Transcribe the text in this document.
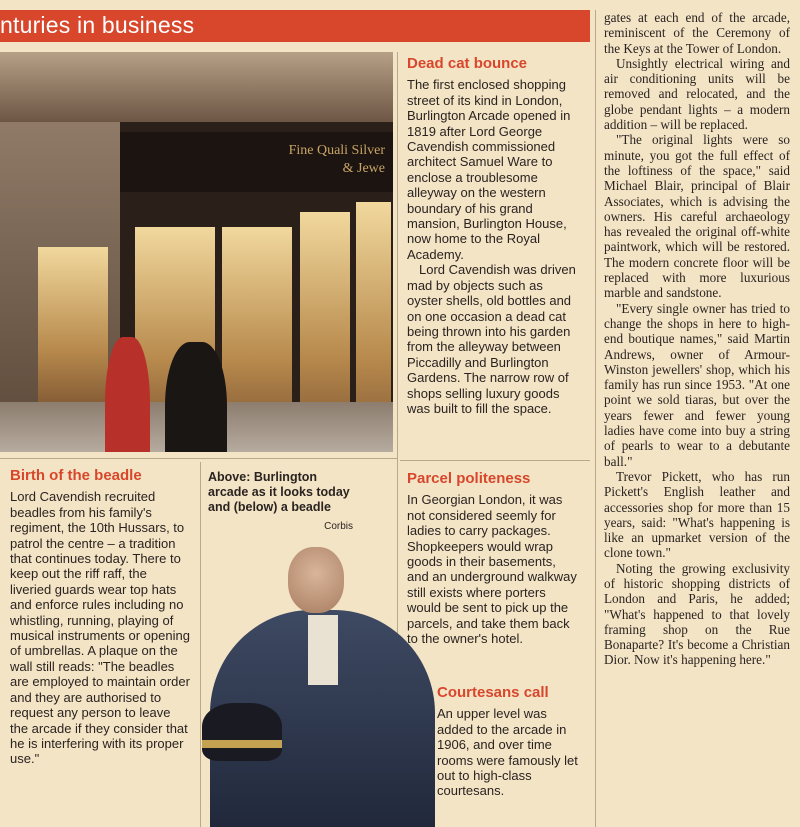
nturies in business
Fine Quali Silver & Jewe

Birth of the beadle

Lord Cavendish recruited beadles from his family's regiment, the 10th Hussars, to patrol the centre – a tradition that continues today. There to keep out the riff raff, the liveried guards wear top hats and enforce rules including no whistling, running, playing of musical instruments or opening of umbrellas. A plaque on the wall still reads: "The beadles are employed to maintain order and they are authorised to request any person to leave the arcade if they consider that he is interfering with its proper use."

Above: Burlington arcade as it looks today and (below) a beadle
Corbis

Dead cat bounce

The first enclosed shopping street of its kind in London, Burlington Arcade opened in 1819 after Lord George Cavendish commissioned architect Samuel Ware to enclose a troublesome alleyway on the western boundary of his grand mansion, Burlington House, now home to the Royal Academy.

Lord Cavendish was driven mad by objects such as oyster shells, old bottles and on one occasion a dead cat being thrown into his garden from the alleyway between Piccadilly and Burlington Gardens. The narrow row of shops selling luxury goods was built to fill the space.

Parcel politeness

In Georgian London, it was not considered seemly for ladies to carry packages. Shopkeepers would wrap goods in their basements, and an underground walkway still exists where porters would be sent to pick up the parcels, and take them back to the owner's hotel.

Courtesans call

An upper level was added to the arcade in 1906, and over time rooms were famously let out to high-class courtesans.

gates at each end of the arcade, reminiscent of the Ceremony of the Keys at the Tower of London.

Unsightly electrical wiring and air conditioning units will be removed and relocated, and the globe pendant lights – a modern addition – will be replaced.

"The original lights were so minute, you got the full effect of the loftiness of the space," said Michael Blair, principal of Blair Associates, which is advising the owners. His careful archaeology has revealed the original off-white paintwork, which will be restored. The modern concrete floor will be replaced with more luxurious marble and sandstone.

"Every single owner has tried to change the shops in here to high-end boutique names," said Martin Andrews, owner of Armour-Winston jewellers' shop, which his family has run since 1953. "At one point we sold tiaras, but over the years fewer and fewer young ladies have come into buy a string of pearls to wear to a debutante ball."

Trevor Pickett, who has run Pickett's English leather and accessories shop for more than 15 years, said: "What's happening is like an upmarket version of the clone town."

Noting the growing exclusivity of historic shopping districts of London and Paris, he added; "What's happened to that lovely framing shop on the Rue Bonaparte? It's become a Christian Dior. Now it's happening here."
